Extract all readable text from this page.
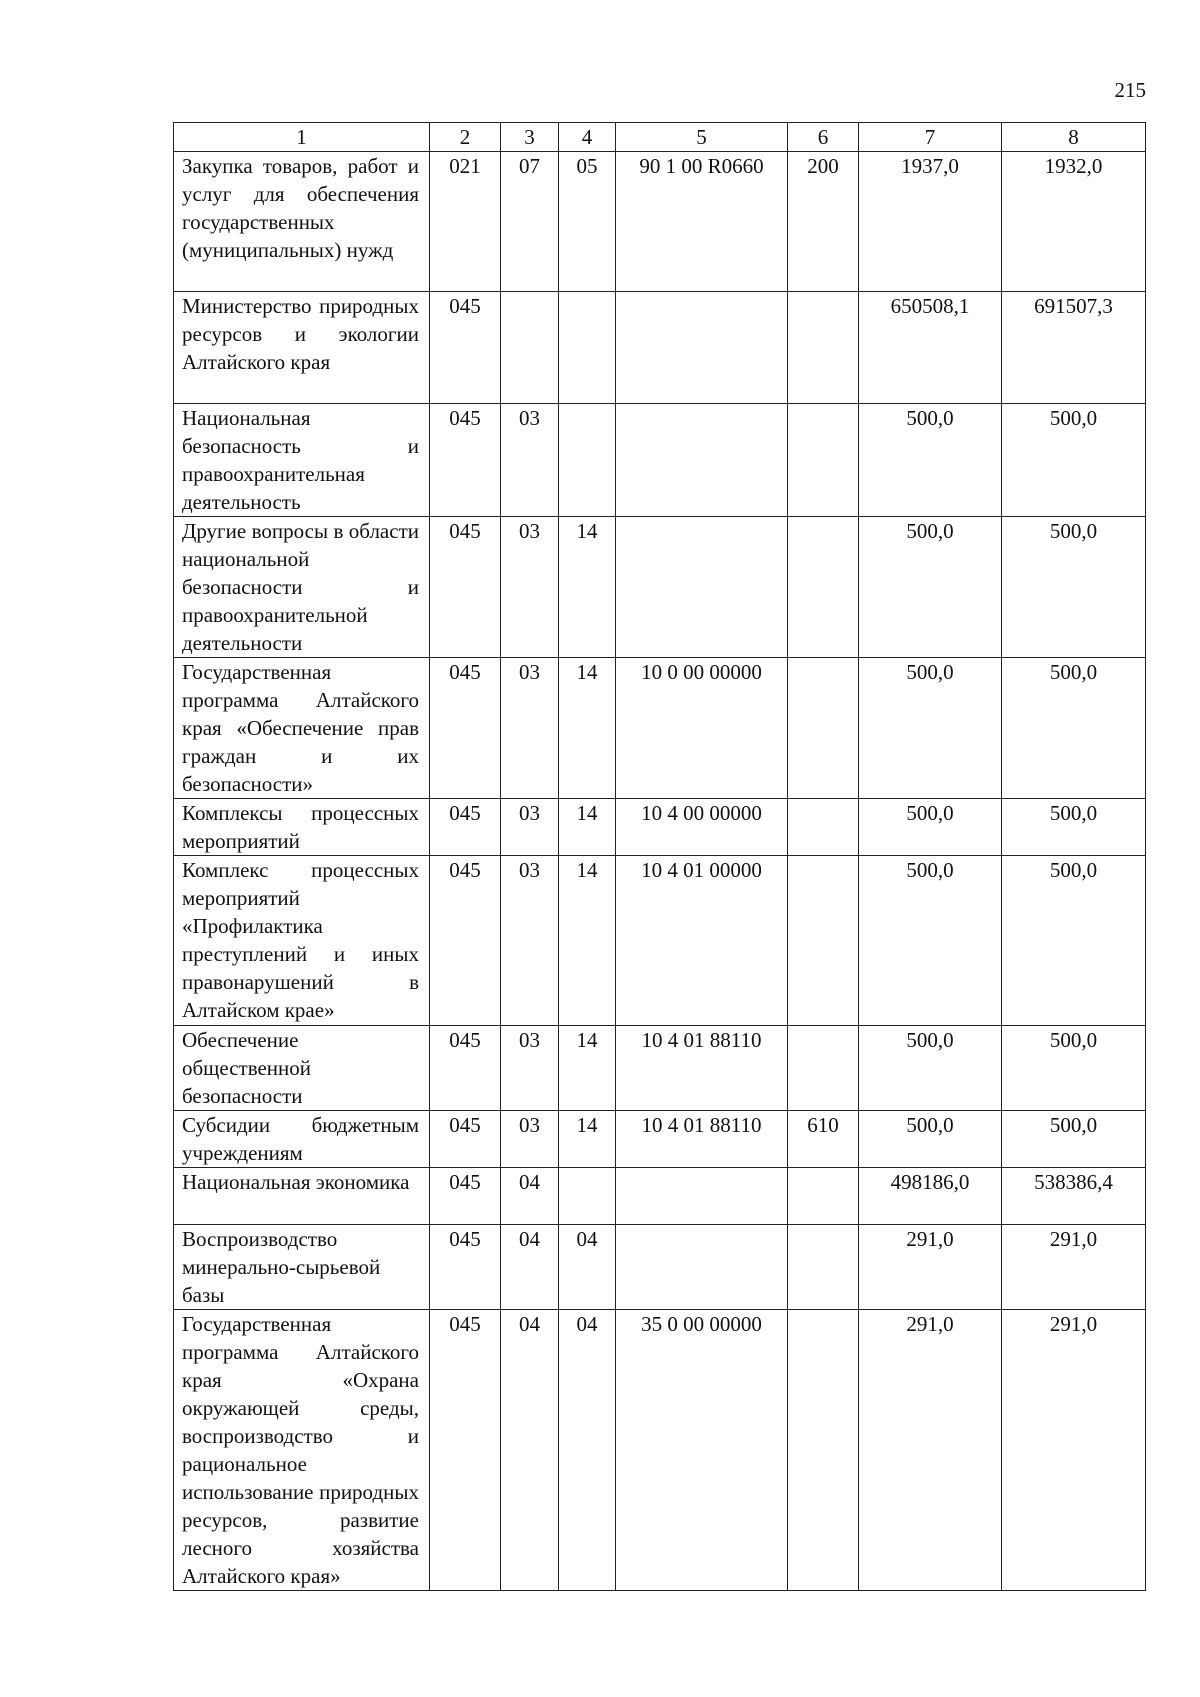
215
1	2	3	4	5	6	7	8
Закупка товаров, работ и услуг для обеспечения государственных (муниципальных) нужд	021	07	05	90 1 00 R0660	200	1937,0	1932,0
Министерство природных ресурсов и экологии Алтайского края	045					650508,1	691507,3
Национальная безопасность и правоохранительная деятельность	045	03				500,0	500,0
Другие вопросы в области национальной безопасности и правоохранительной деятельности	045	03	14			500,0	500,0
Государственная программа Алтайского края «Обеспечение прав граждан и их безопасности»	045	03	14	10 0 00 00000		500,0	500,0
Комплексы процессных мероприятий	045	03	14	10 4 00 00000		500,0	500,0
Комплекс процессных мероприятий «Профилактика преступлений и иных правонарушений в Алтайском крае»	045	03	14	10 4 01 00000		500,0	500,0
Обеспечение общественной безопасности	045	03	14	10 4 01 88110		500,0	500,0
Субсидии бюджетным учреждениям	045	03	14	10 4 01 88110	610	500,0	500,0
Национальная экономика	045	04				498186,0	538386,4
Воспроизводство минерально-сырьевой базы	045	04	04			291,0	291,0
Государственная программа Алтайского края «Охрана окружающей среды, воспроизводство и рациональное использование природных ресурсов, развитие лесного хозяйства Алтайского края»	045	04	04	35 0 00 00000		291,0	291,0
